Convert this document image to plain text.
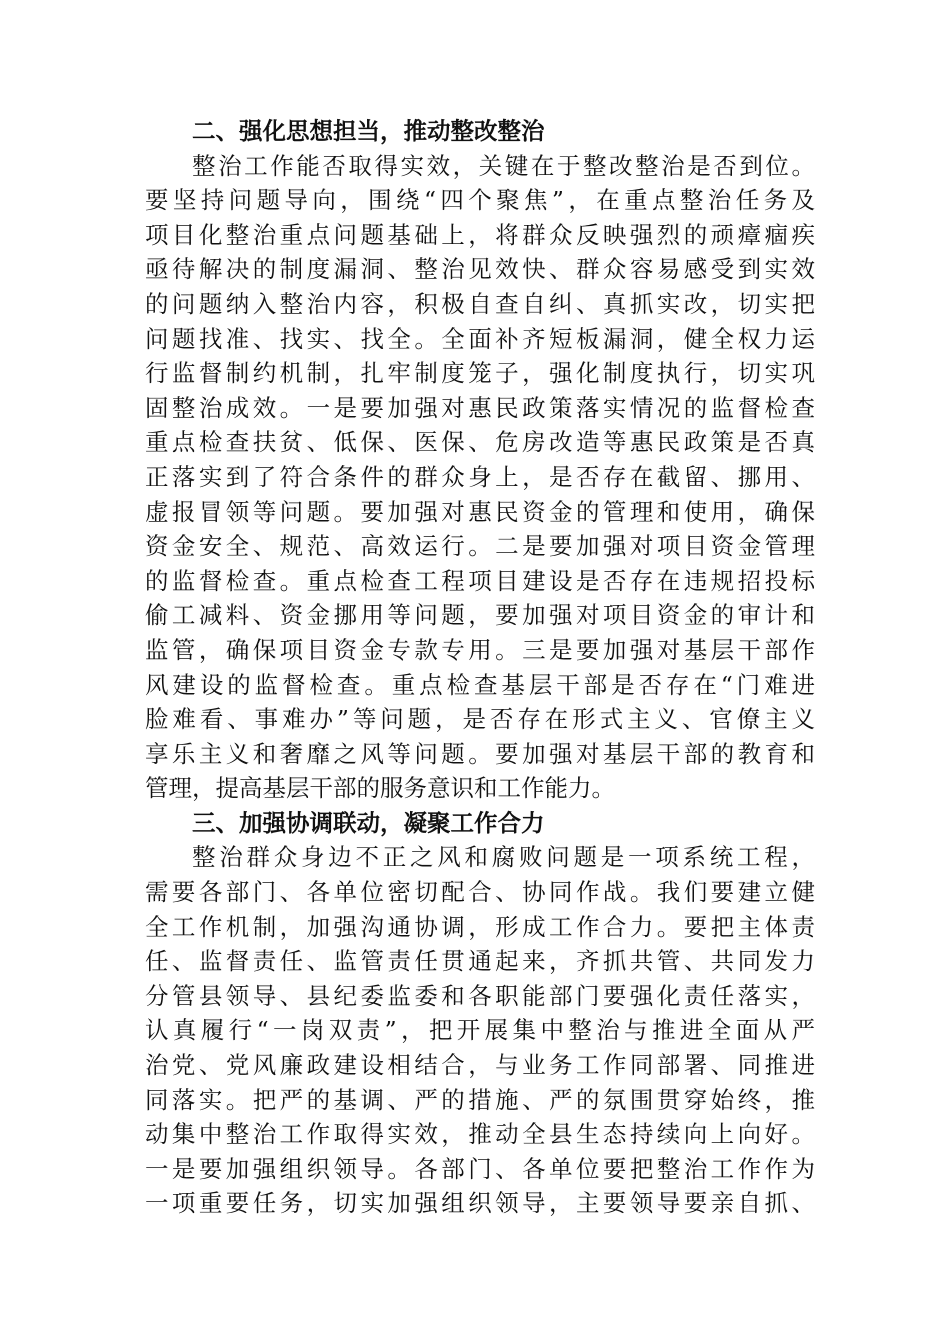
二、强化思想担当，推动整改整治
整治工作能否取得实效，关键在于整改整治是否到位。
要坚持问题导向，围绕“四个聚焦”，在重点整治任务及
项目化整治重点问题基础上，将群众反映强烈的顽瘴痼疾
亟待解决的制度漏洞、整治见效快、群众容易感受到实效
的问题纳入整治内容，积极自查自纠、真抓实改，切实把
问题找准、找实、找全。全面补齐短板漏洞，健全权力运
行监督制约机制，扎牢制度笼子，强化制度执行，切实巩
固整治成效。一是要加强对惠民政策落实情况的监督检查
重点检查扶贫、低保、医保、危房改造等惠民政策是否真
正落实到了符合条件的群众身上，是否存在截留、挪用、
虚报冒领等问题。要加强对惠民资金的管理和使用，确保
资金安全、规范、高效运行。二是要加强对项目资金管理
的监督检查。重点检查工程项目建设是否存在违规招投标
偷工减料、资金挪用等问题，要加强对项目资金的审计和
监管，确保项目资金专款专用。三是要加强对基层干部作
风建设的监督检查。重点检查基层干部是否存在“门难进
脸难看、事难办”等问题，是否存在形式主义、官僚主义
享乐主义和奢靡之风等问题。要加强对基层干部的教育和
管理，提高基层干部的服务意识和工作能力。
三、加强协调联动，凝聚工作合力
整治群众身边不正之风和腐败问题是一项系统工程，
需要各部门、各单位密切配合、协同作战。我们要建立健
全工作机制，加强沟通协调，形成工作合力。要把主体责
任、监督责任、监管责任贯通起来，齐抓共管、共同发力
分管县领导、县纪委监委和各职能部门要强化责任落实，
认真履行“一岗双责”，把开展集中整治与推进全面从严
治党、党风廉政建设相结合，与业务工作同部署、同推进
同落实。把严的基调、严的措施、严的氛围贯穿始终，推
动集中整治工作取得实效，推动全县生态持续向上向好。
一是要加强组织领导。各部门、各单位要把整治工作作为
一项重要任务，切实加强组织领导，主要领导要亲自抓、
